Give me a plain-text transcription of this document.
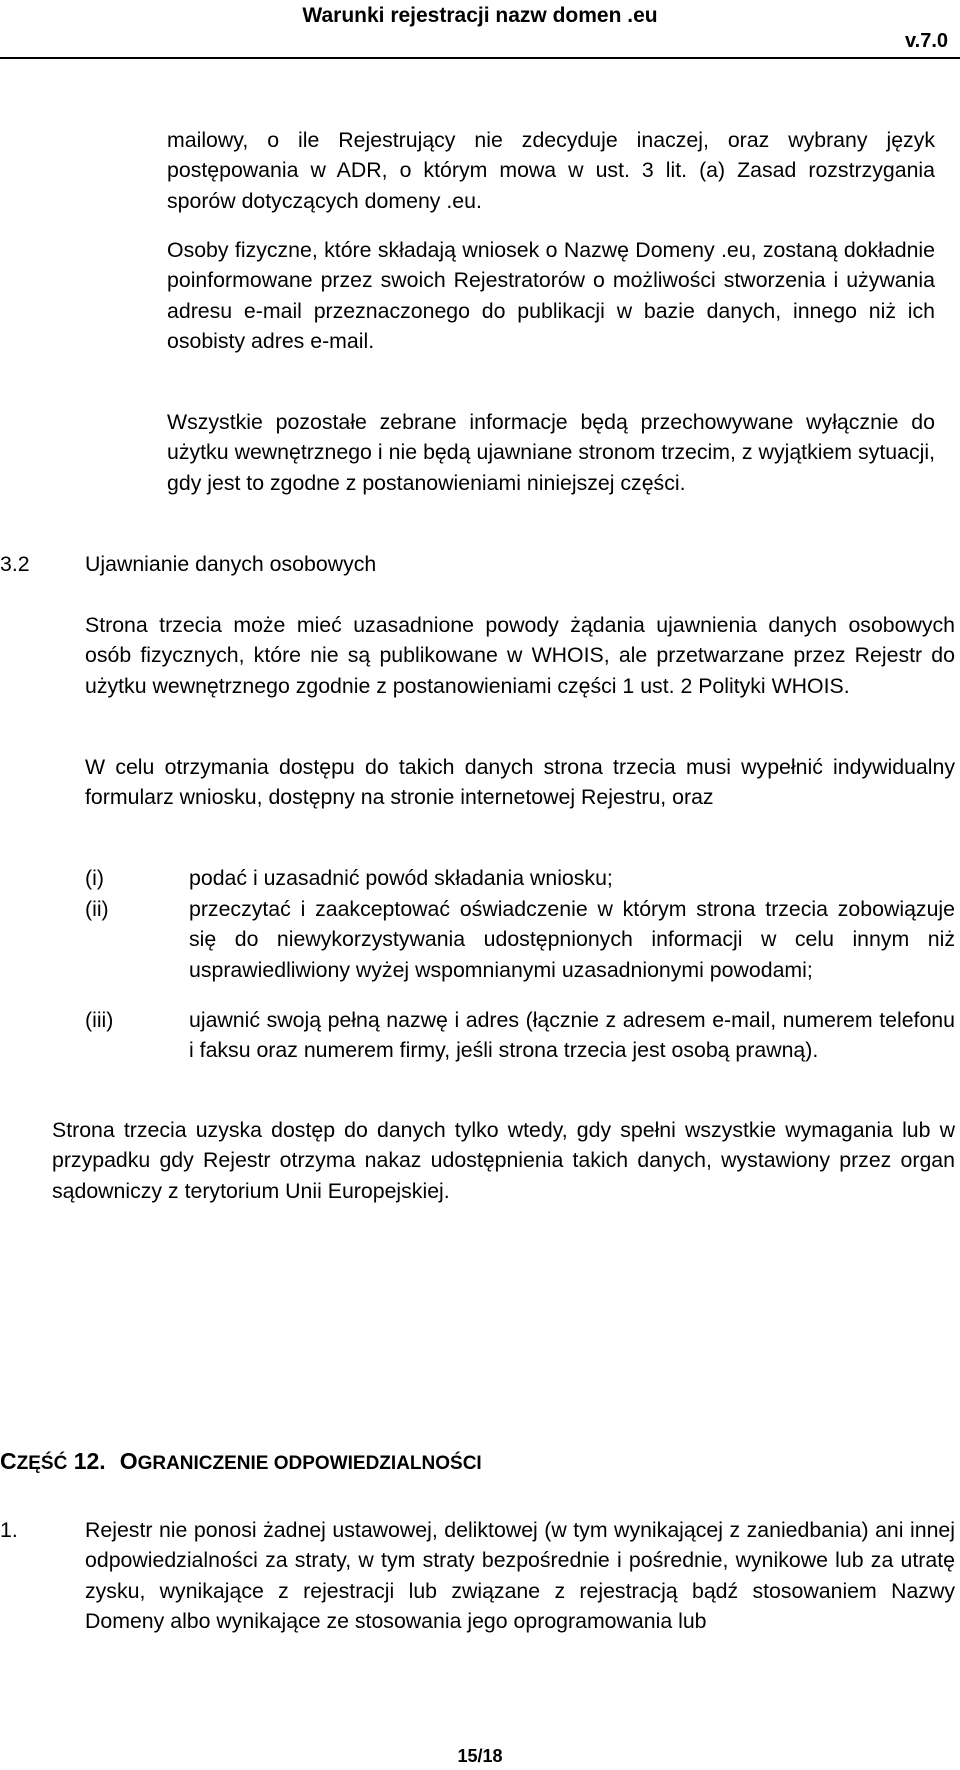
Warunki rejestracji nazw domen .eu
v.7.0

mailowy, o ile Rejestrujący nie zdecyduje inaczej, oraz wybrany język postępowania w ADR, o którym mowa w ust. 3 lit. (a) Zasad rozstrzygania sporów dotyczących domeny .eu.

Osoby fizyczne, które składają wniosek o Nazwę Domeny .eu, zostaną dokładnie poinformowane przez swoich Rejestratorów o możliwości stworzenia i używania adresu e-mail przeznaczonego do publikacji w bazie danych, innego niż ich osobisty adres e-mail.

Wszystkie pozostałe zebrane informacje będą przechowywane wyłącznie do użytku wewnętrznego i nie będą ujawniane stronom trzecim, z wyjątkiem sytuacji, gdy jest to zgodne z postanowieniami niniejszej części.

3.2	Ujawnianie danych osobowych

Strona trzecia może mieć uzasadnione powody żądania ujawnienia danych osobowych osób fizycznych, które nie są publikowane w WHOIS, ale przetwarzane przez Rejestr do użytku wewnętrznego zgodnie z postanowieniami części 1 ust. 2 Polityki WHOIS.

W celu otrzymania dostępu do takich danych strona trzecia musi wypełnić indywidualny formularz wniosku, dostępny na stronie internetowej Rejestru, oraz

(i)	podać i uzasadnić powód składania wniosku;

(ii)	przeczytać i zaakceptować oświadczenie w którym strona trzecia zobowiązuje się do niewykorzystywania udostępnionych informacji w celu innym niż usprawiedliwiony wyżej wspomnianymi uzasadnionymi powodami;

(iii)	ujawnić swoją pełną nazwę i adres (łącznie z adresem e-mail, numerem telefonu i faksu oraz numerem firmy, jeśli strona trzecia jest osobą prawną).

Strona trzecia uzyska dostęp do danych tylko wtedy, gdy spełni wszystkie wymagania lub w przypadku gdy Rejestr otrzyma nakaz udostępnienia takich danych, wystawiony przez organ sądowniczy z terytorium Unii Europejskiej.

CZĘŚĆ 12. OGRANICZENIE ODPOWIEDZIALNOŚCI
1.	Rejestr nie ponosi żadnej ustawowej, deliktowej (w tym wynikającej z zaniedbania) ani innej odpowiedzialności za straty, w tym straty bezpośrednie i pośrednie, wynikowe lub za utratę zysku, wynikające z rejestracji lub związane z rejestracją bądź stosowaniem Nazwy Domeny albo wynikające ze stosowania jego oprogramowania lub

15/18
